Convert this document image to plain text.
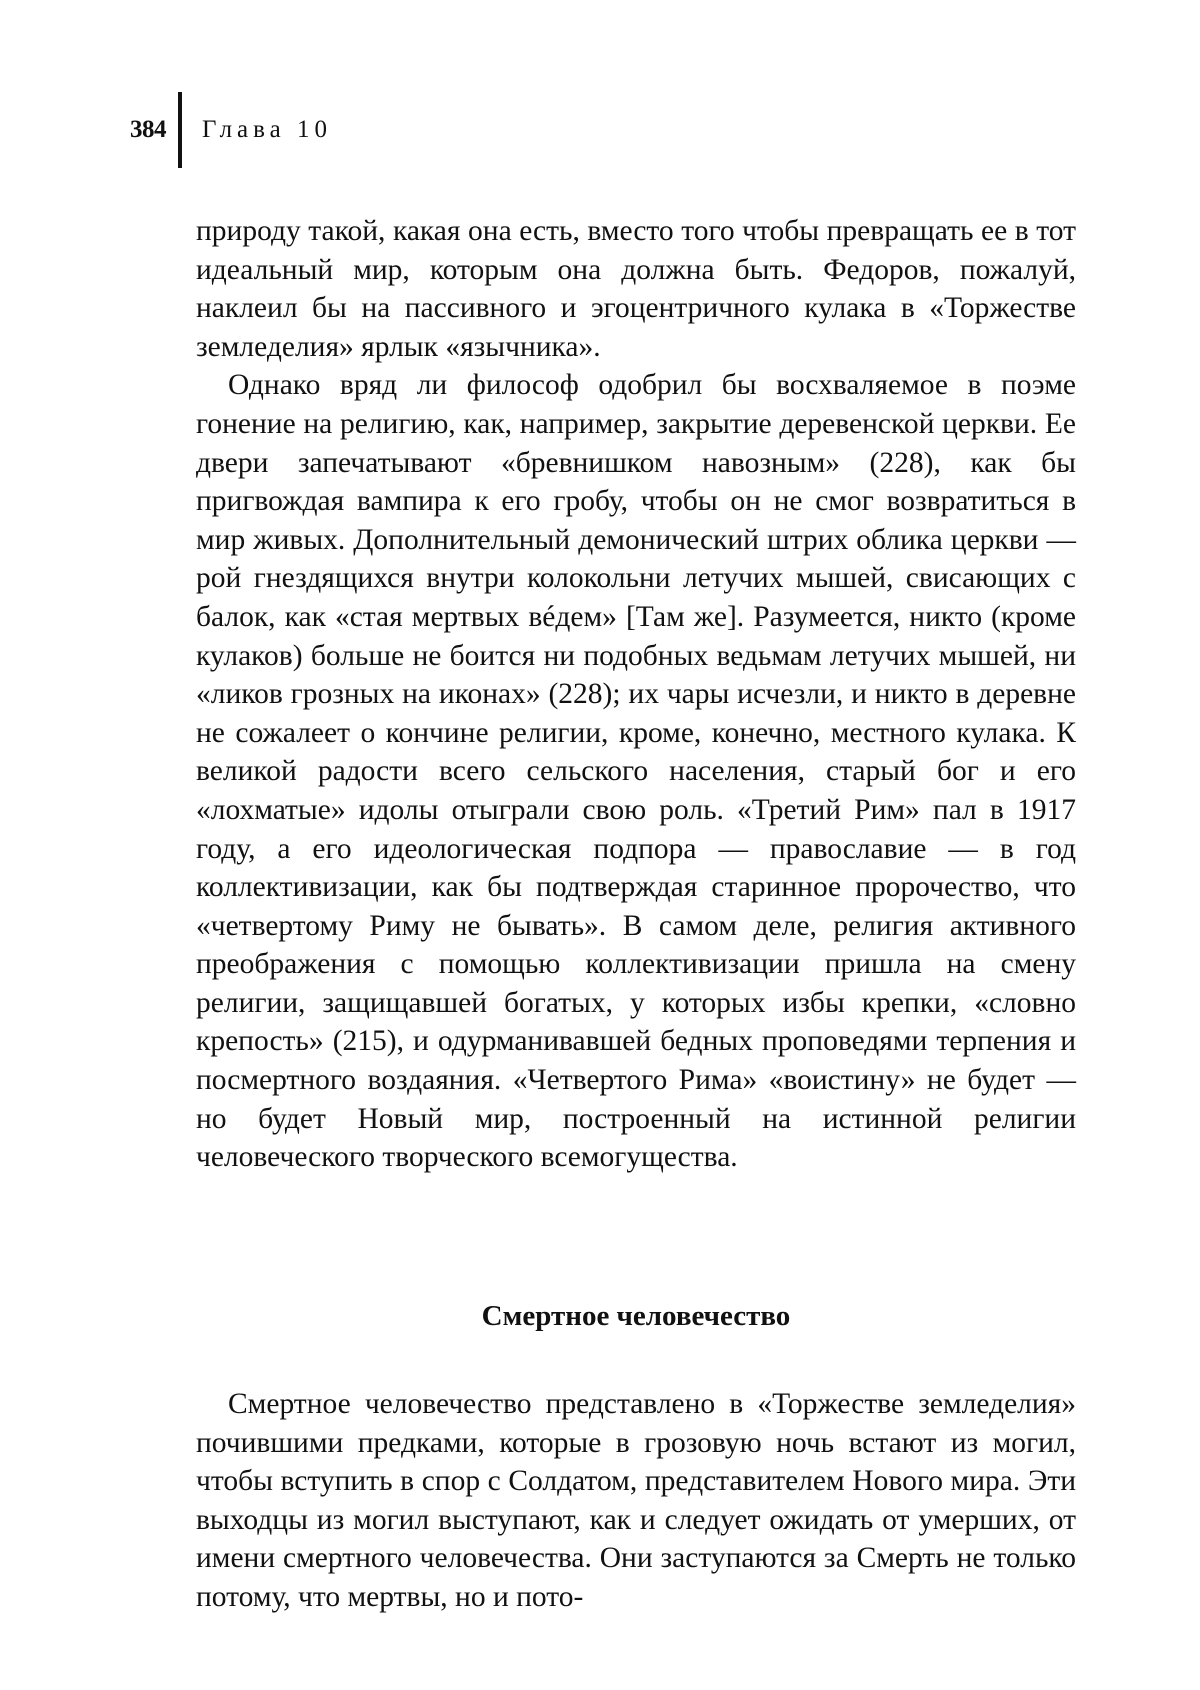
384 Глава 10

природу такой, какая она есть, вместо того чтобы превращать ее в тот идеальный мир, которым она должна быть. Федоров, пожалуй, наклеил бы на пассивного и эгоцентричного кулака в «Торжестве земледелия» ярлык «язычника».

Однако вряд ли философ одобрил бы восхваляемое в поэме гонение на религию, как, например, закрытие деревенской церкви. Ее двери запечатывают «бревнишком навозным» (228), как бы пригвождая вампира к его гробу, чтобы он не смог возвратиться в мир живых. Дополнительный демонический штрих облика церкви — рой гнездящихся внутри колокольни летучих мышей, свисающих с балок, как «стая мертвых вéдем» [Там же]. Разумеется, никто (кроме кулаков) больше не боится ни подобных ведьмам летучих мышей, ни «ликов грозных на иконах» (228); их чары исчезли, и никто в деревне не сожалеет о кончине религии, кроме, конечно, местного кулака. К великой радости всего сельского населения, старый бог и его «лохматые» идолы отыграли свою роль. «Третий Рим» пал в 1917 году, а его идеологическая подпора — православие — в год коллективизации, как бы подтверждая старинное пророчество, что «четвертому Риму не бывать». В самом деле, религия активного преображения с помощью коллективизации пришла на смену религии, защищавшей богатых, у которых избы крепки, «словно крепость» (215), и одурманивавшей бедных проповедями терпения и посмертного воздаяния. «Четвертого Рима» «воистину» не будет — но будет Новый мир, построенный на истинной религии человеческого творческого всемогущества.

Смертное человечество

Смертное человечество представлено в «Торжестве земледелия» почившими предками, которые в грозовую ночь встают из могил, чтобы вступить в спор с Солдатом, представителем Нового мира. Эти выходцы из могил выступают, как и следует ожидать от умерших, от имени смертного человечества. Они заступаются за Смерть не только потому, что мертвы, но и пото-
